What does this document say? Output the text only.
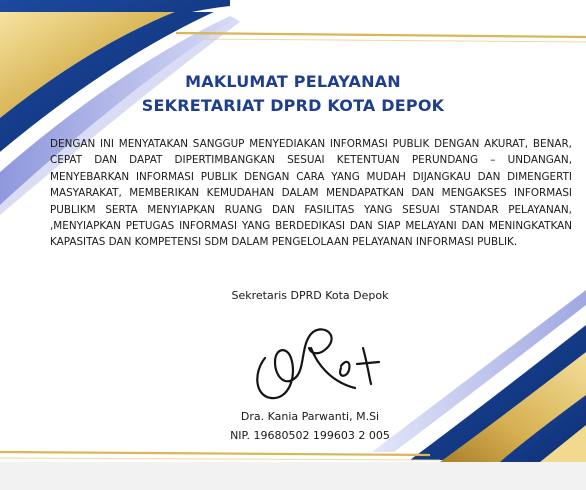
MAKLUMAT PELAYANAN
SEKRETARIAT DPRD KOTA DEPOK
DENGAN INI MENYATAKAN SANGGUP MENYEDIAKAN INFORMASI PUBLIK DENGAN AKURAT, BENAR, CEPAT DAN DAPAT DIPERTIMBANGKAN SESUAI KETENTUAN PERUNDANG – UNDANGAN, MENYEBARKAN INFORMASI PUBLIK DENGAN CARA YANG MUDAH DIJANGKAU DAN DIMENGERTI MASYARAKAT, MEMBERIKAN KEMUDAHAN DALAM MENDAPATKAN DAN MENGAKSES INFORMASI PUBLIKM SERTA MENYIAPKAN RUANG DAN FASILITAS YANG SESUAI STANDAR PELAYANAN, ,MENYIAPKAN PETUGAS INFORMASI YANG BERDEDIKASI DAN SIAP MELAYANI DAN MENINGKATKAN KAPASITAS DAN KOMPETENSI SDM DALAM PENGELOLAAN PELAYANAN INFORMASI PUBLIK.
Sekretaris DPRD Kota Depok
Dra. Kania Parwanti, M.Si
NIP. 19680502 199603 2 005
